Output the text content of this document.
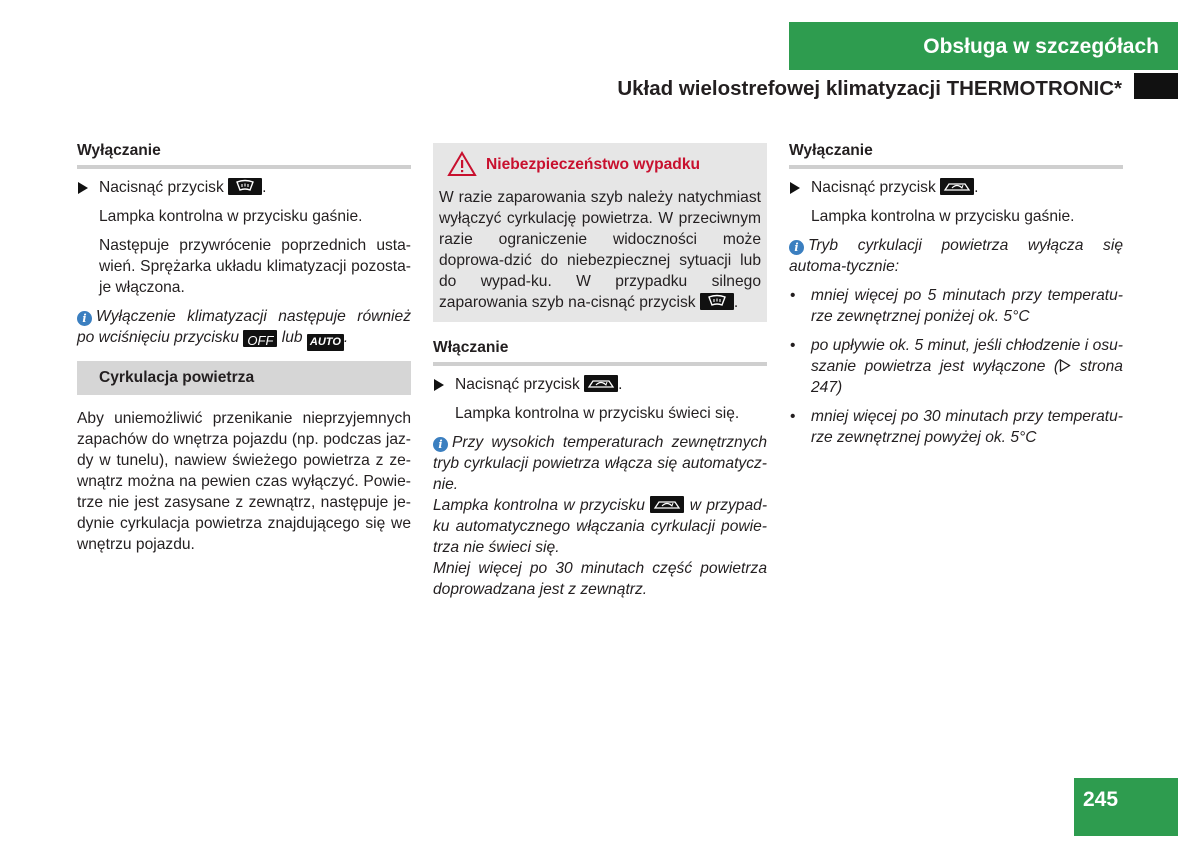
Obsługa w szczegółach
Układ wielostrefowej klimatyzacji THERMOTRONIC*
Wyłączanie
Nacisnąć przycisk .

Lampka kontrolna w przycisku gaśnie.

Następuje przywrócenie poprzednich usta-wień. Sprężarka układu klimatyzacji pozosta-je włączona.

i Wyłączenie klimatyzacji następuje również po wciśnięciu przycisku OFF lub AUTO .
Cyrkulacja powietrza

Aby uniemożliwić przenikanie nieprzyjemnych zapachów do wnętrza pojazdu (np. podczas jaz-dy w tunelu), nawiew świeżego powietrza z ze-wnątrz można na pewien czas wyłączyć. Powie-trze nie jest zasysane z zewnątrz, następuje je-dynie cyrkulacja powietrza znajdującego się we wnętrzu pojazdu.

Niebezpieczeństwo wypadku
W razie zaparowania szyb należy natychmiast wyłączyć cyrkulację powietrza. W przeciwnym razie ograniczenie widoczności może doprowa-dzić do niebezpiecznej sytuacji lub do wypad-ku. W przypadku silnego zaparowania szyb na-cisnąć przycisk .
Włączanie
Nacisnąć przycisk .

Lampka kontrolna w przycisku świeci się.

i Przy wysokich temperaturach zewnętrznych tryb cyrkulacji powietrza włącza się automatycz-nie.
Lampka kontrolna w przycisku	w przypad-ku automatycznego włączania cyrkulacji powie-trza nie świeci się.
Mniej więcej po 30 minutach część powietrza doprowadzana jest z zewnątrz.
Wyłączanie
Nacisnąć przycisk .

Lampka kontrolna w przycisku gaśnie.

i Tryb cyrkulacji powietrza wyłącza się automa-tycznie:
• mniej więcej po 5 minutach przy temperatu-rze zewnętrznej poniżej ok. 5°C
• po upływie ok. 5 minut, jeśli chłodzenie i osu-szanie powietrza jest wyłączone ( strona 247)
• mniej więcej po 30 minutach przy temperatu-rze zewnętrznej powyżej ok. 5°C
245
